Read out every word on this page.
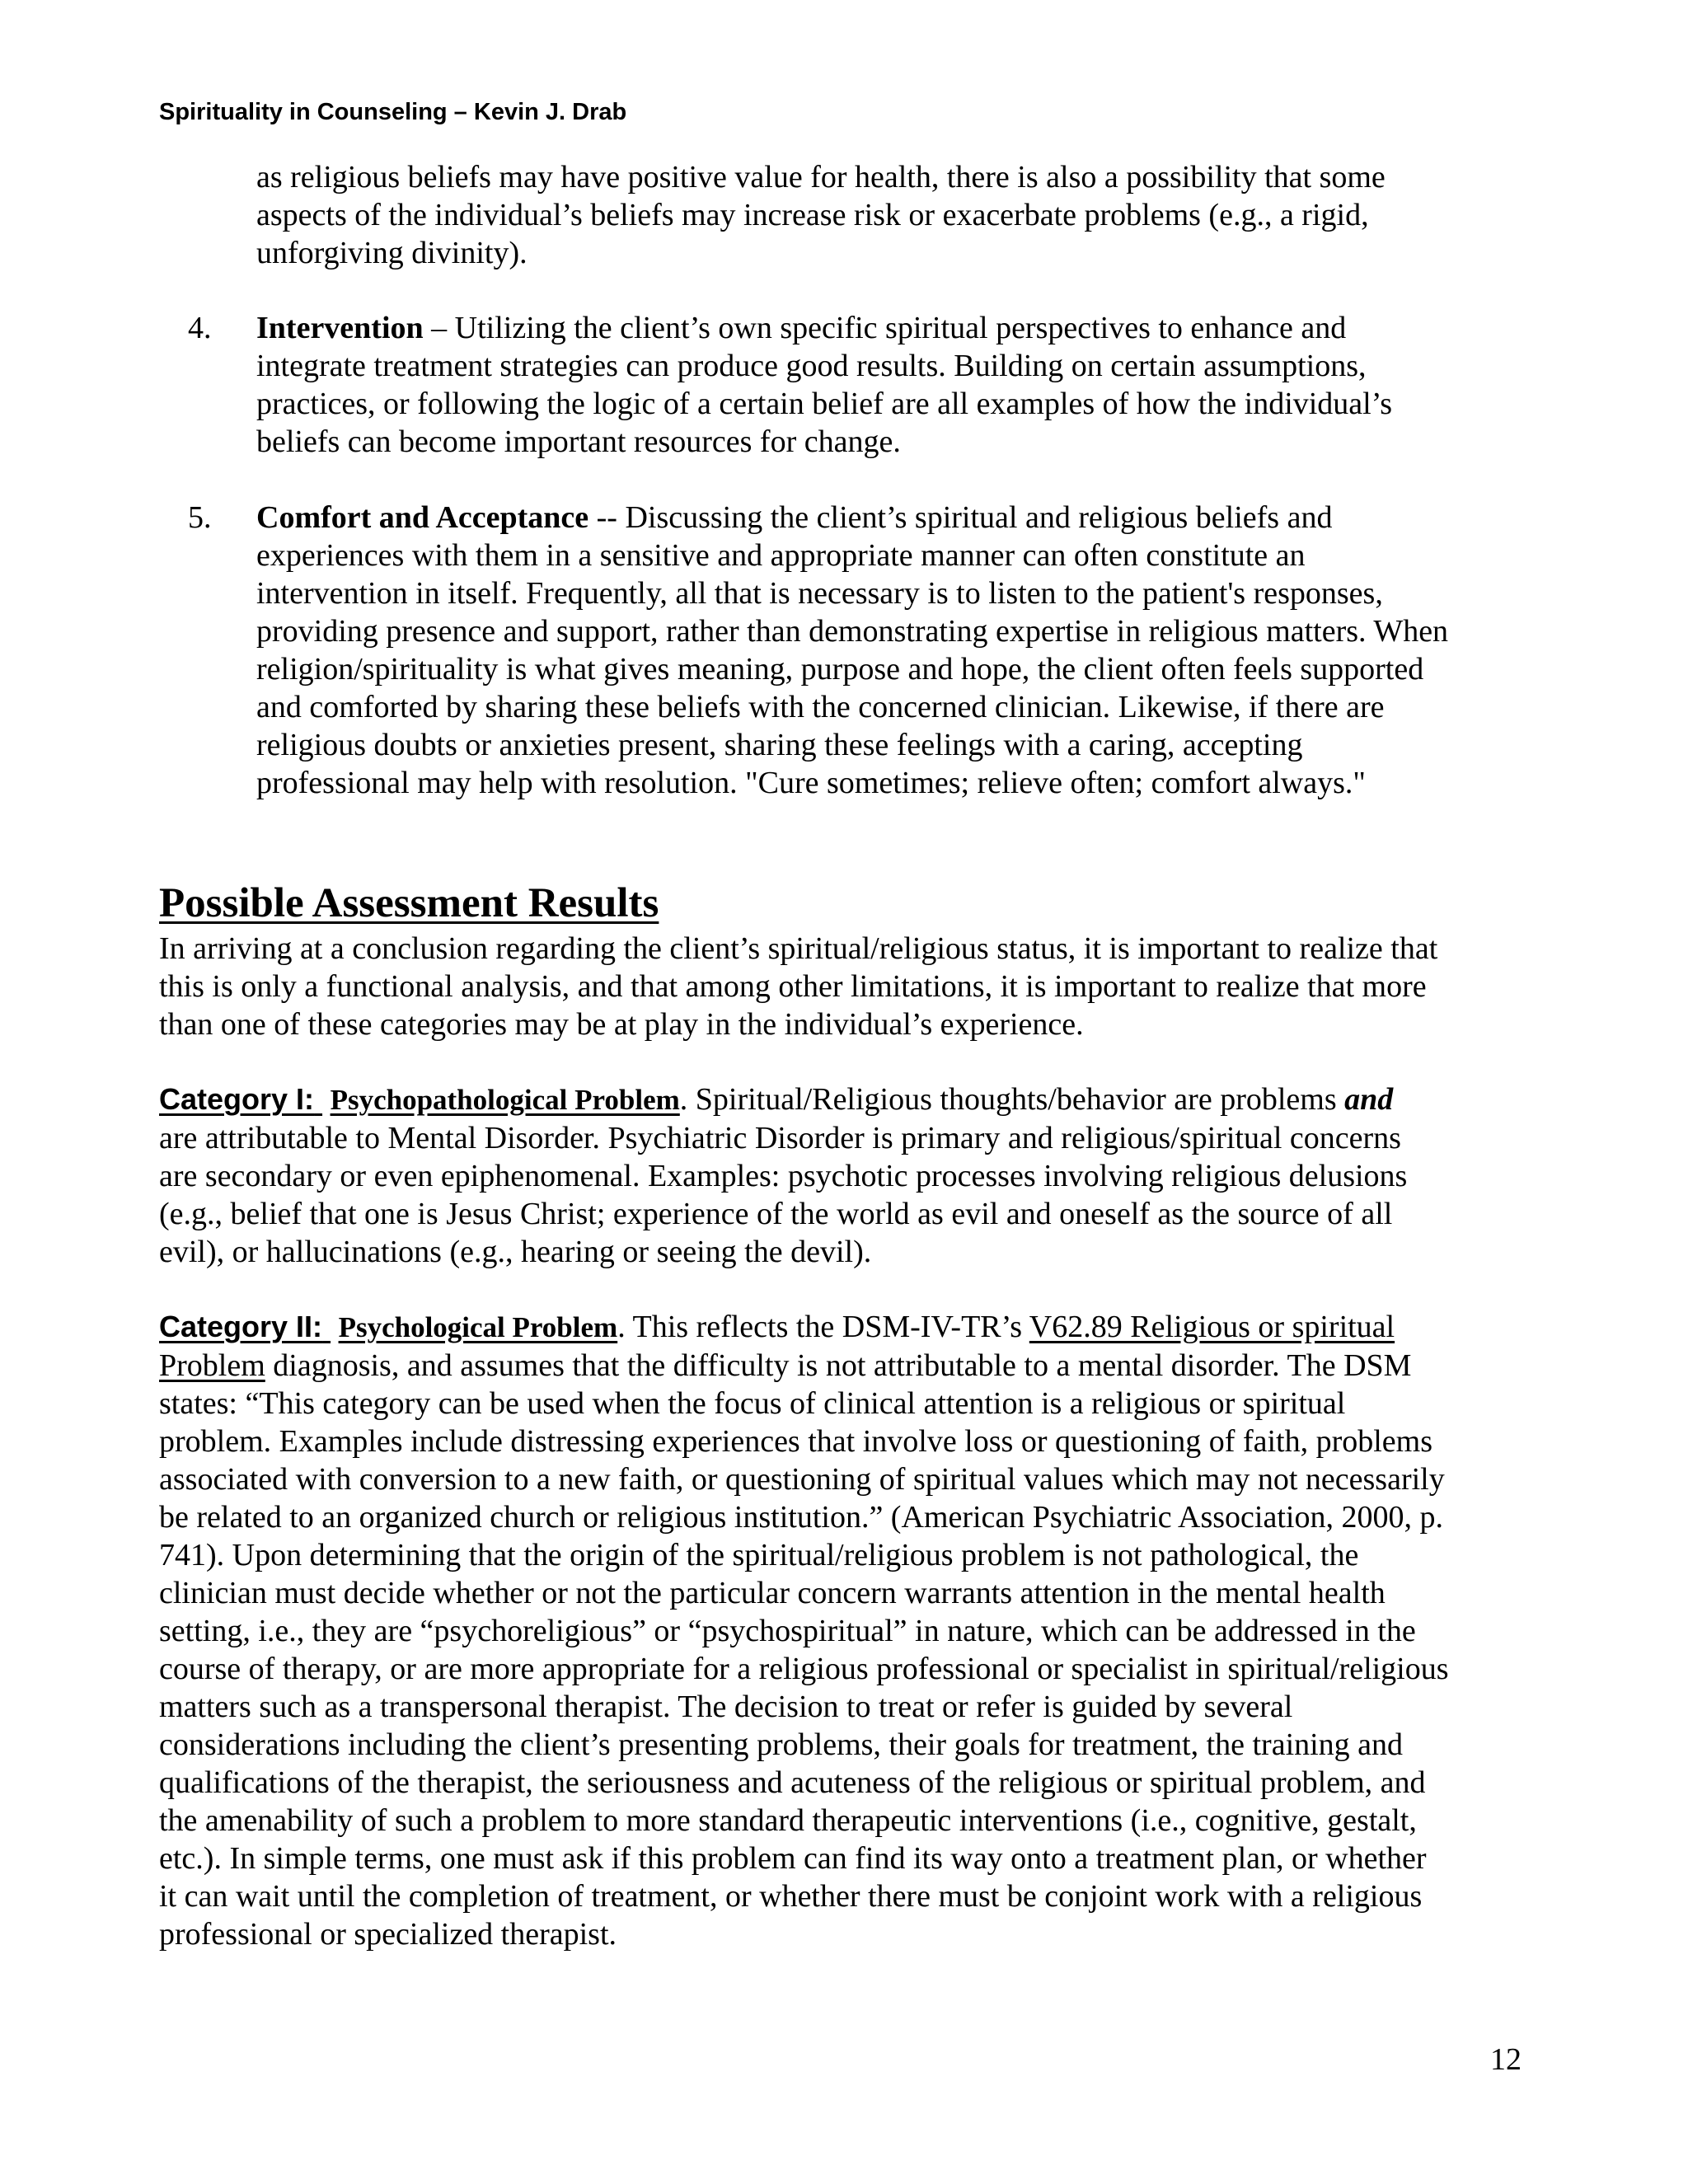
Spirituality in Counseling – Kevin J. Drab
as religious beliefs may have positive value for health, there is also a possibility that some
aspects of the individual’s beliefs may increase risk or exacerbate problems (e.g., a rigid,
unforgiving divinity).
4.	Intervention – Utilizing the client’s own specific spiritual perspectives to enhance and
integrate treatment strategies can produce good results. Building on certain assumptions,
practices, or following the logic of a certain belief are all examples of how the individual’s
beliefs can become important resources for change.
5.	Comfort and Acceptance -- Discussing the client’s spiritual and religious beliefs and
experiences with them in a sensitive and appropriate manner can often constitute an
intervention in itself. Frequently, all that is necessary is to listen to the patient's responses,
providing presence and support, rather than demonstrating expertise in religious matters. When
religion/spirituality is what gives meaning, purpose and hope, the client often feels supported
and comforted by sharing these beliefs with the concerned clinician. Likewise, if there are
religious doubts or anxieties present, sharing these feelings with a caring, accepting
professional may help with resolution. "Cure sometimes; relieve often; comfort always."
Possible Assessment Results
In arriving at a conclusion regarding the client’s spiritual/religious status, it is important to realize that
this is only a functional analysis, and that among other limitations, it is important to realize that more
than one of these categories may be at play in the individual’s experience.
Category I: Psychopathological Problem. Spiritual/Religious thoughts/behavior are problems and
are attributable to Mental Disorder. Psychiatric Disorder is primary and religious/spiritual concerns
are secondary or even epiphenomenal. Examples: psychotic processes involving religious delusions
(e.g., belief that one is Jesus Christ; experience of the world as evil and oneself as the source of all
evil), or hallucinations (e.g., hearing or seeing the devil).
Category II: Psychological Problem. This reflects the DSM-IV-TR’s V62.89 Religious or spiritual
Problem diagnosis, and assumes that the difficulty is not attributable to a mental disorder. The DSM
states: “This category can be used when the focus of clinical attention is a religious or spiritual
problem. Examples include distressing experiences that involve loss or questioning of faith, problems
associated with conversion to a new faith, or questioning of spiritual values which may not necessarily
be related to an organized church or religious institution.” (American Psychiatric Association, 2000, p.
741). Upon determining that the origin of the spiritual/religious problem is not pathological, the
clinician must decide whether or not the particular concern warrants attention in the mental health
setting, i.e., they are “psychoreligious” or “psychospiritual” in nature, which can be addressed in the
course of therapy, or are more appropriate for a religious professional or specialist in spiritual/religious
matters such as a transpersonal therapist. The decision to treat or refer is guided by several
considerations including the client’s presenting problems, their goals for treatment, the training and
qualifications of the therapist, the seriousness and acuteness of the religious or spiritual problem, and
the amenability of such a problem to more standard therapeutic interventions (i.e., cognitive, gestalt,
etc.). In simple terms, one must ask if this problem can find its way onto a treatment plan, or whether
it can wait until the completion of treatment, or whether there must be conjoint work with a religious
professional or specialized therapist.
12
